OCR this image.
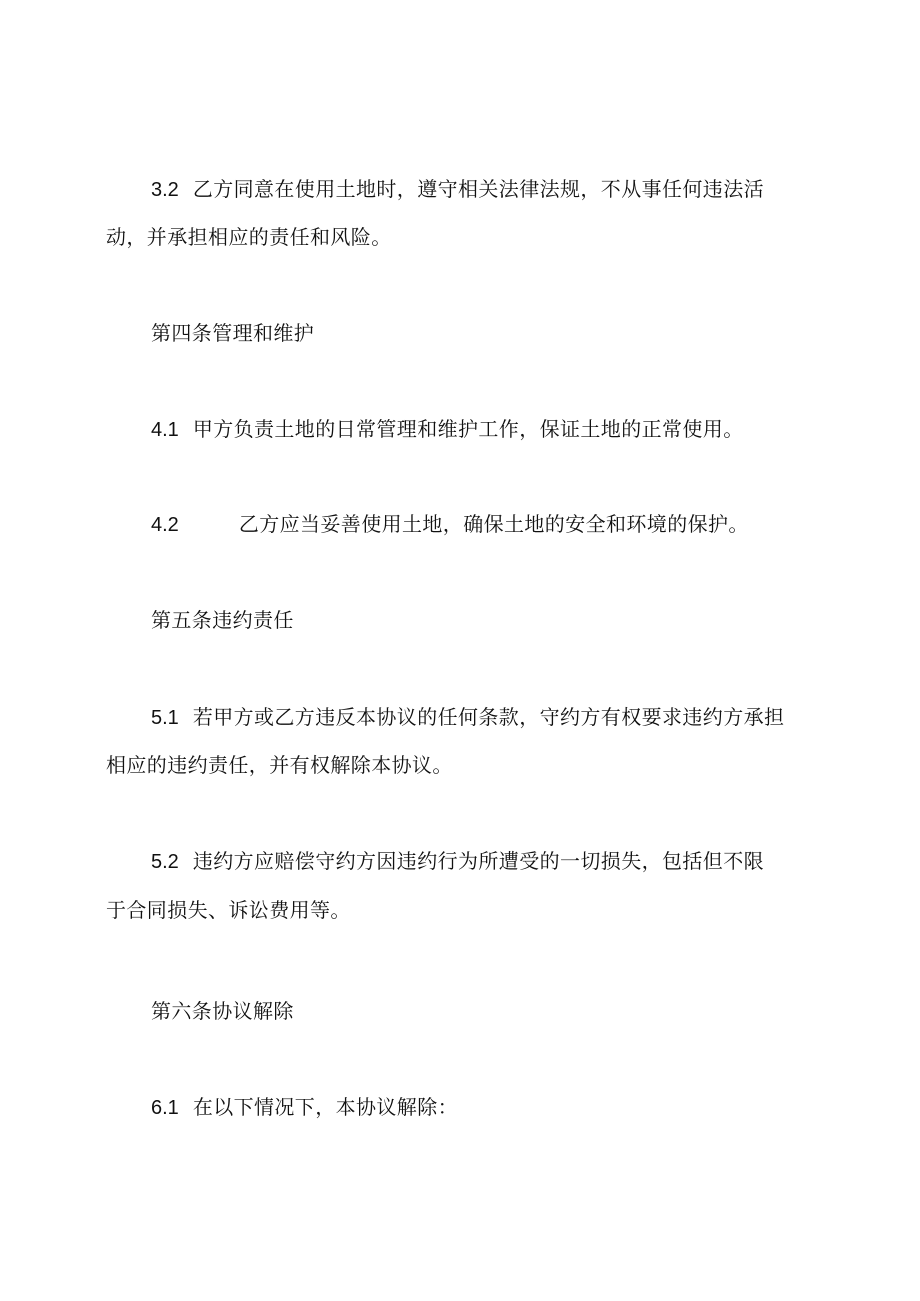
3.2 乙方同意在使用土地时，遵守相关法律法规，不从事任何违法活
动，并承担相应的责任和风险。
第四条管理和维护
4.1 甲方负责土地的日常管理和维护工作，保证土地的正常使用。
4.2	乙方应当妥善使用土地，确保土地的安全和环境的保护。
第五条违约责任
5.1 若甲方或乙方违反本协议的任何条款，守约方有权要求违约方承担
相应的违约责任，并有权解除本协议。
5.2 违约方应赔偿守约方因违约行为所遭受的一切损失，包括但不限
于合同损失、诉讼费用等。
第六条协议解除
6.1 在以下情况下，本协议解除：
